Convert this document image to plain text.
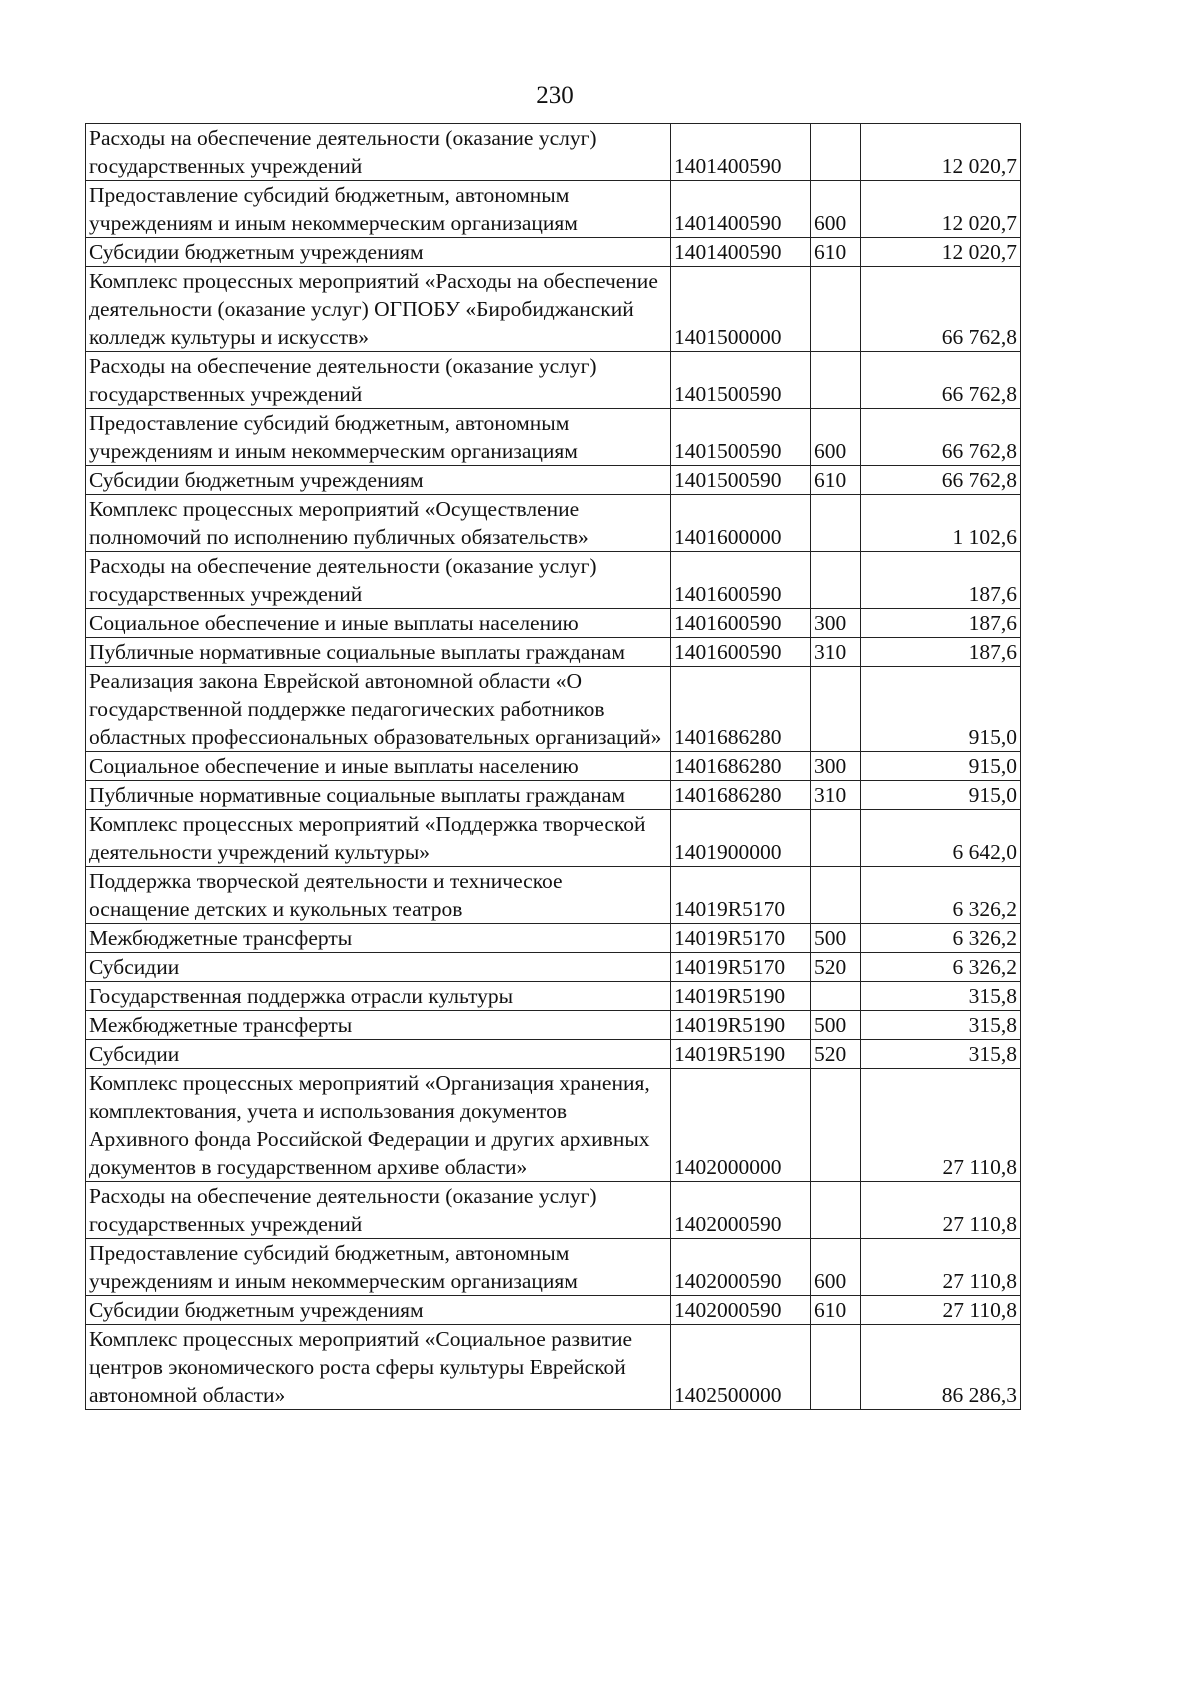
230
Расходы на обеспечение деятельности (оказание услуг) государственных учреждений	1401400590		12 020,7
Предоставление субсидий бюджетным, автономным учреждениям и иным некоммерческим организациям	1401400590	600	12 020,7
Субсидии бюджетным учреждениям	1401400590	610	12 020,7
Комплекс процессных мероприятий «Расходы на обеспечение деятельности (оказание услуг) ОГПОБУ «Биробиджанский колледж культуры и искусств»	1401500000		66 762,8
Расходы на обеспечение деятельности (оказание услуг) государственных учреждений	1401500590		66 762,8
Предоставление субсидий бюджетным, автономным учреждениям и иным некоммерческим организациям	1401500590	600	66 762,8
Субсидии бюджетным учреждениям	1401500590	610	66 762,8
Комплекс процессных мероприятий «Осуществление полномочий по исполнению публичных обязательств»	1401600000		1 102,6
Расходы на обеспечение деятельности (оказание услуг) государственных учреждений	1401600590		187,6
Социальное обеспечение и иные выплаты населению	1401600590	300	187,6
Публичные нормативные социальные выплаты гражданам	1401600590	310	187,6
Реализация закона Еврейской автономной области «О государственной поддержке педагогических работников областных профессиональных образовательных организаций»	1401686280		915,0
Социальное обеспечение и иные выплаты населению	1401686280	300	915,0
Публичные нормативные социальные выплаты гражданам	1401686280	310	915,0
Комплекс процессных мероприятий «Поддержка творческой деятельности учреждений культуры»	1401900000		6 642,0
Поддержка творческой деятельности и техническое оснащение детских и кукольных театров	14019R5170		6 326,2
Межбюджетные трансферты	14019R5170	500	6 326,2
Субсидии	14019R5170	520	6 326,2
Государственная поддержка отрасли культуры	14019R5190		315,8
Межбюджетные трансферты	14019R5190	500	315,8
Субсидии	14019R5190	520	315,8
Комплекс процессных мероприятий «Организация хранения, комплектования, учета и использования документов Архивного фонда Российской Федерации и других архивных документов в государственном архиве области»	1402000000		27 110,8
Расходы на обеспечение деятельности (оказание услуг) государственных учреждений	1402000590		27 110,8
Предоставление субсидий бюджетным, автономным учреждениям и иным некоммерческим организациям	1402000590	600	27 110,8
Субсидии бюджетным учреждениям	1402000590	610	27 110,8
Комплекс процессных мероприятий «Социальное развитие центров экономического роста сферы культуры Еврейской автономной области»	1402500000		86 286,3
